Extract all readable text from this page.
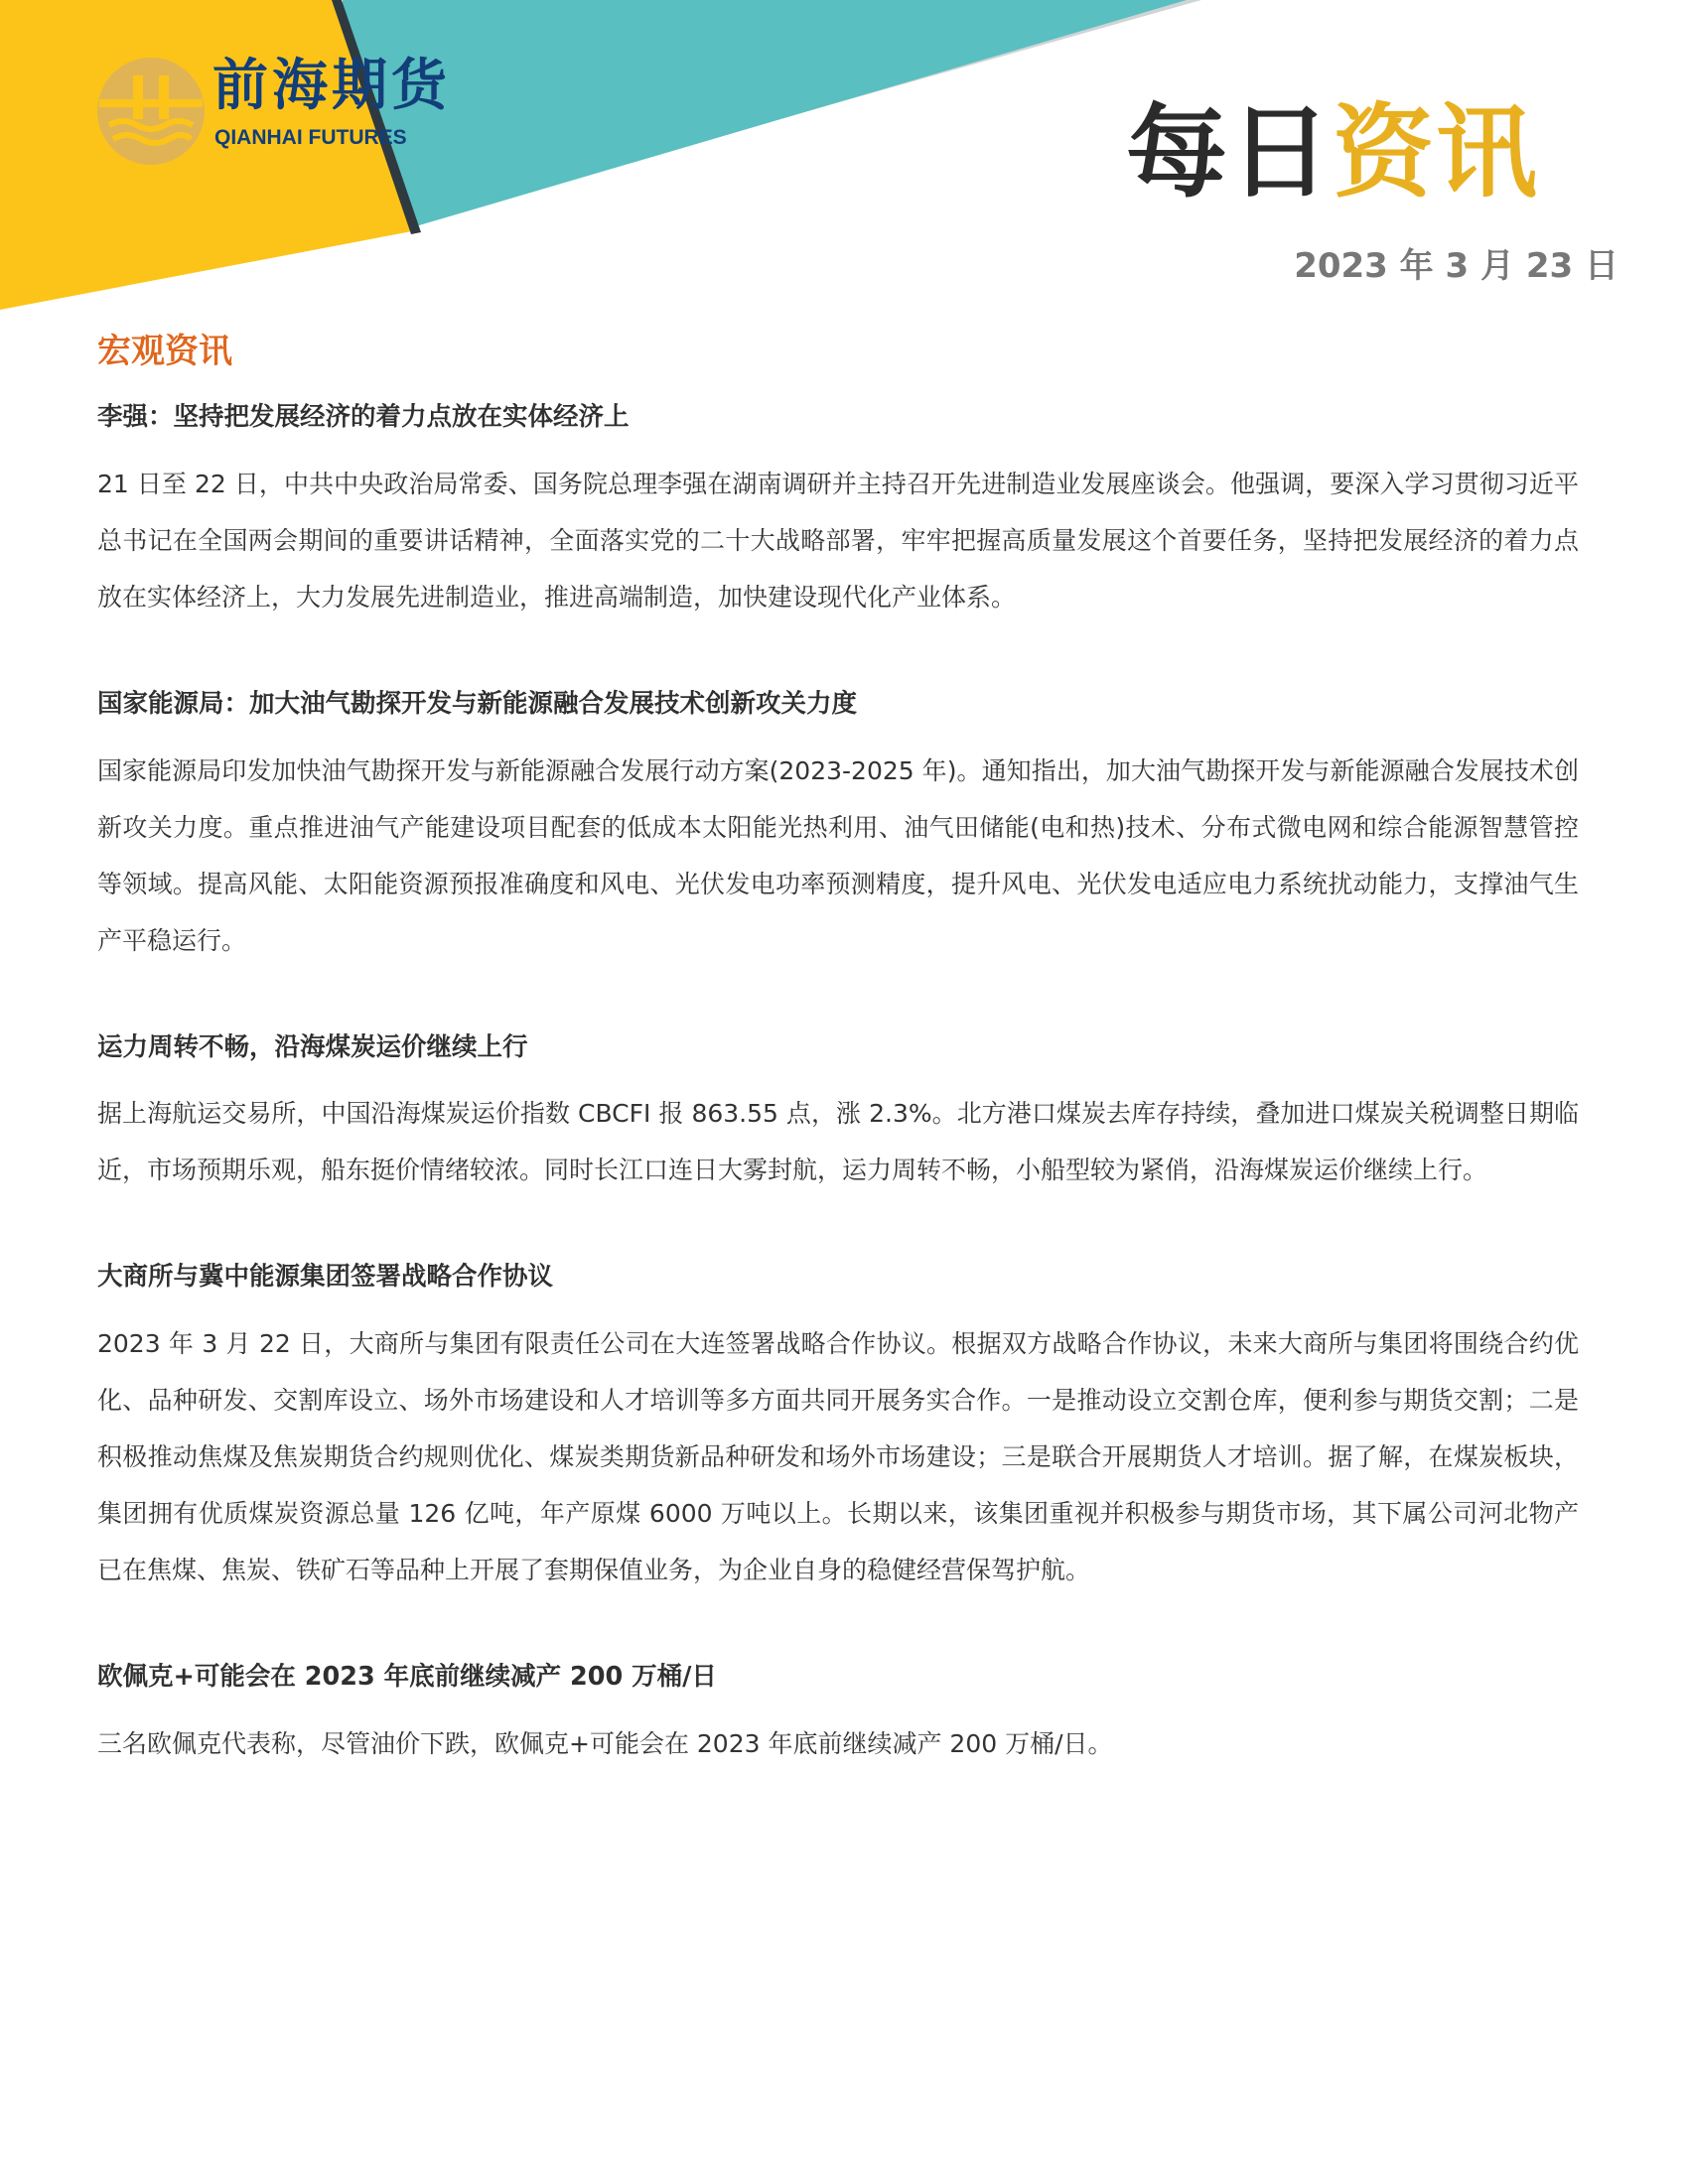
前海期货
QIANHAI FUTURES	每日资讯
2023 年 3 月 23 日
宏观资讯
李强：坚持把发展经济的着力点放在实体经济上

21 日至 22 日，中共中央政治局常委、国务院总理李强在湖南调研并主持召开先进制造业发展座谈会。他强调，要深入学习贯彻习近平总书记在全国两会期间的重要讲话精神，全面落实党的二十大战略部署，牢牢把握高质量发展这个首要任务，坚持把发展经济的着力点放在实体经济上，大力发展先进制造业，推进高端制造，加快建设现代化产业体系。

国家能源局：加大油气勘探开发与新能源融合发展技术创新攻关力度

国家能源局印发加快油气勘探开发与新能源融合发展行动方案(2023-2025 年)。通知指出，加大油气勘探开发与新能源融合发展技术创新攻关力度。重点推进油气产能建设项目配套的低成本太阳能光热利用、油气田储能(电和热)技术、分布式微电网和综合能源智慧管控等领域。提高风能、太阳能资源预报准确度和风电、光伏发电功率预测精度，提升风电、光伏发电适应电力系统扰动能力，支撑油气生产平稳运行。

运力周转不畅，沿海煤炭运价继续上行

据上海航运交易所，中国沿海煤炭运价指数 CBCFI 报 863.55 点，涨 2.3%。北方港口煤炭去库存持续，叠加进口煤炭关税调整日期临近，市场预期乐观，船东挺价情绪较浓。同时长江口连日大雾封航，运力周转不畅，小船型较为紧俏，沿海煤炭运价继续上行。

大商所与冀中能源集团签署战略合作协议

2023 年 3 月 22 日，大商所与集团有限责任公司在大连签署战略合作协议。根据双方战略合作协议，未来大商所与集团将围绕合约优化、品种研发、交割库设立、场外市场建设和人才培训等多方面共同开展务实合作。一是推动设立交割仓库，便利参与期货交割；二是积极推动焦煤及焦炭期货合约规则优化、煤炭类期货新品种研发和场外市场建设；三是联合开展期货人才培训。据了解，在煤炭板块，集团拥有优质煤炭资源总量 126 亿吨，年产原煤 6000 万吨以上。长期以来，该集团重视并积极参与期货市场，其下属公司河北物产已在焦煤、焦炭、铁矿石等品种上开展了套期保值业务，为企业自身的稳健经营保驾护航。

欧佩克+可能会在 2023 年底前继续减产 200 万桶/日

三名欧佩克代表称，尽管油价下跌，欧佩克+可能会在 2023 年底前继续减产 200 万桶/日。
